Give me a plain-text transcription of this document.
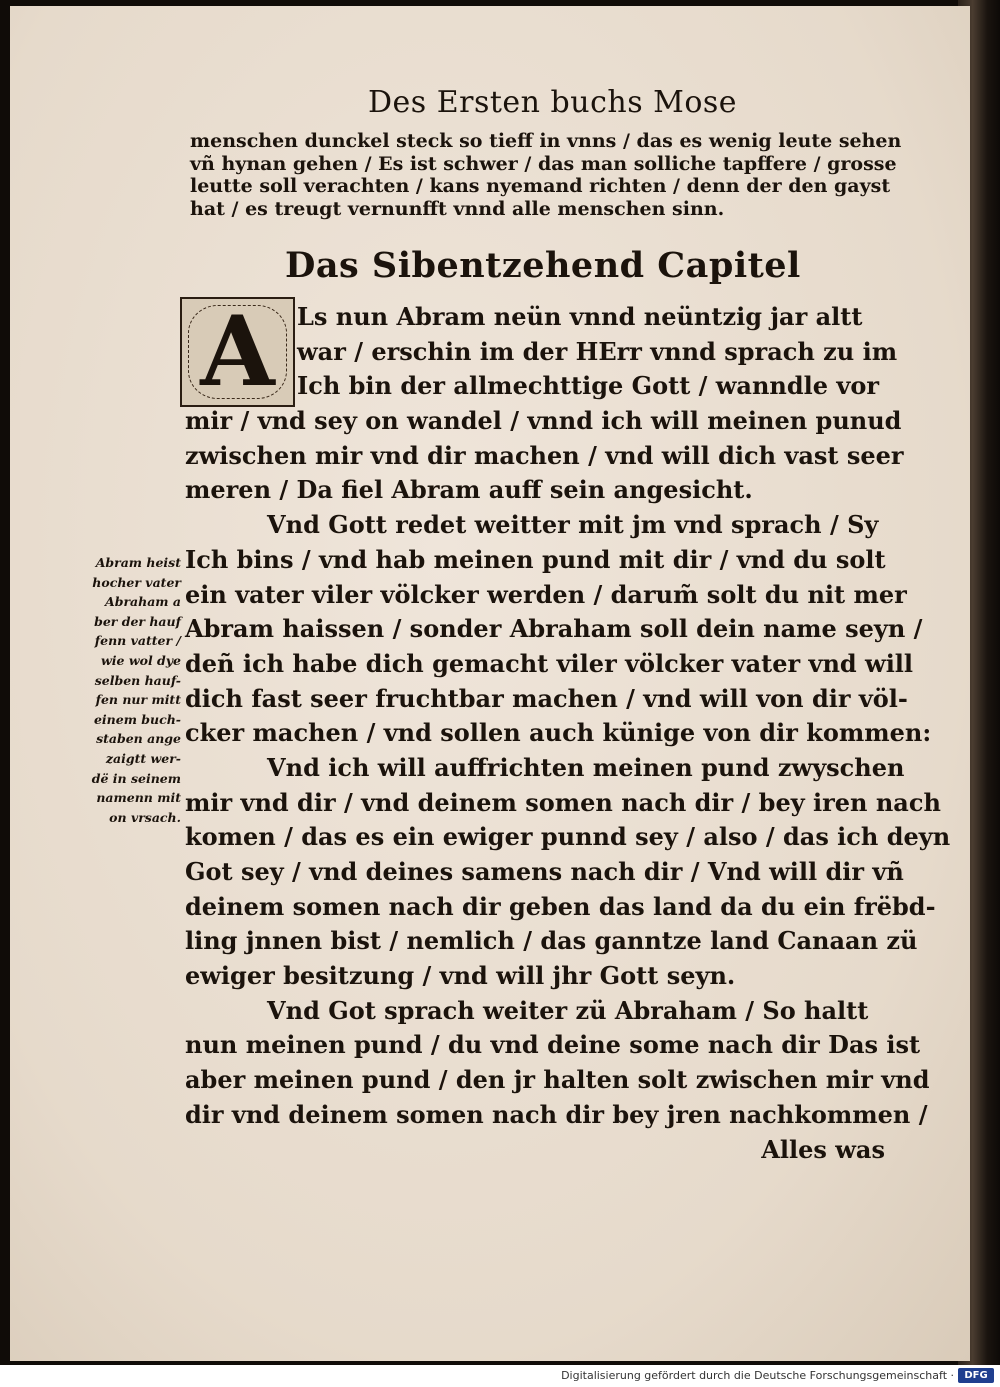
Des Ersten buchs Mose
menschen dunckel steck so tieff in vnns / das es wenig leute sehen
vñ hynan gehen / Es ist schwer / das man solliche tapffere / grosse
leutte soll verachten / kans nyemand richten / denn der den gayst
hat / es treugt vernunfft vnnd alle menschen sinn.
Das Sibentzehend Capitel
A Ls nun Abram neün vnnd neüntzig jar altt
war / erschin im der HErr vnnd sprach zu im
Ich bin der allmechttige Gott / wanndle vor
mir / vnd sey on wandel / vnnd ich will meinen punud
zwischen mir vnd dir machen / vnd will dich vast seer
meren / Da fiel Abram auff sein angesicht.
Vnd Gott redet weitter mit jm vnd sprach / Sy
Ich bins / vnd hab meinen pund mit dir / vnd du solt
ein vater viler völcker werden / darum̃ solt du nit mer
Abram haissen / sonder Abraham soll dein name seyn /
deñ ich habe dich gemacht viler völcker vater vnd will
dich fast seer fruchtbar machen / vnd will von dir völ-
cker machen / vnd sollen auch künige von dir kommen:
Vnd ich will auffrichten meinen pund zwyschen
mir vnd dir / vnd deinem somen nach dir / bey iren nach
komen / das es ein ewiger punnd sey / also / das ich deyn
Got sey / vnd deines samens nach dir / Vnd will dir vñ
deinem somen nach dir geben das land da du ein frëbd-
ling jnnen bist / nemlich / das ganntze land Canaan zü
ewiger besitzung / vnd will jhr Gott seyn.
Vnd Got sprach weiter zü Abraham / So haltt
nun meinen pund / du vnd deine some nach dir Das ist
aber meinen pund / den jr halten solt zwischen mir vnd
dir vnd deinem somen nach dir bey jren nachkommen /
Alles was
Abram heist
hocher vater
Abraham a
ber der hauf
fenn vatter /
wie wol dye
selben hauf-
fen nur mitt
einem buch-
staben ange
zaigtt wer-
dë in seinem
namenn mit
on vrsach.
Digitalisierung gefördert durch die Deutsche Forschungsgemeinschaft ·	DFG
